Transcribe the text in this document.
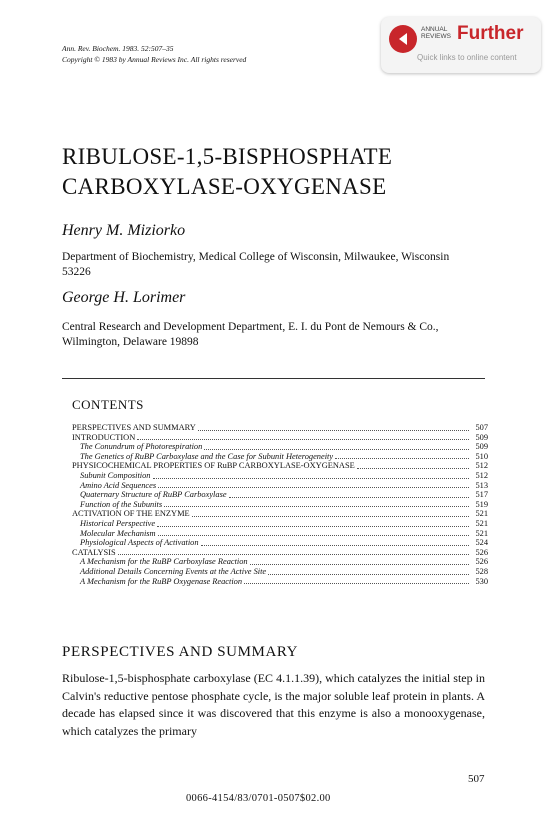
Ann. Rev. Biochem. 1983. 52:507–35
Copyright © 1983 by Annual Reviews Inc. All rights reserved
ANNUAL
REVIEWS Further
Quick links to online content
RIBULOSE-1,5-BISPHOSPHATE
CARBOXYLASE-OXYGENASE
Henry M. Miziorko
Department of Biochemistry, Medical College of Wisconsin, Milwaukee, Wisconsin 53226
George H. Lorimer
Central Research and Development Department, E. I. du Pont de Nemours & Co., Wilmington, Delaware 19898
CONTENTS
PERSPECTIVES AND SUMMARY	507
INTRODUCTION	509
The Conundrum of Photorespiration	509
The Genetics of RuBP Carboxylase and the Case for Subunit Heterogeneity	510
PHYSICOCHEMICAL PROPERTIES OF RuBP CARBOXYLASE-OXYGENASE	512
Subunit Composition	512
Amino Acid Sequences	513
Quaternary Structure of RuBP Carboxylase	517
Function of the Subunits	519
ACTIVATION OF THE ENZYME	521
Historical Perspective	521
Molecular Mechanism	521
Physiological Aspects of Activation	524
CATALYSIS	526
A Mechanism for the RuBP Carboxylase Reaction	526
Additional Details Concerning Events at the Active Site	528
A Mechanism for the RuBP Oxygenase Reaction	530
PERSPECTIVES AND SUMMARY
Ribulose-1,5-bisphosphate carboxylase (EC 4.1.1.39), which catalyzes the initial step in Calvin's reductive pentose phosphate cycle, is the major soluble leaf protein in plants. A decade has elapsed since it was discovered that this enzyme is also a monooxygenase, which catalyzes the primary
507
0066-4154/83/0701-0507$02.00
